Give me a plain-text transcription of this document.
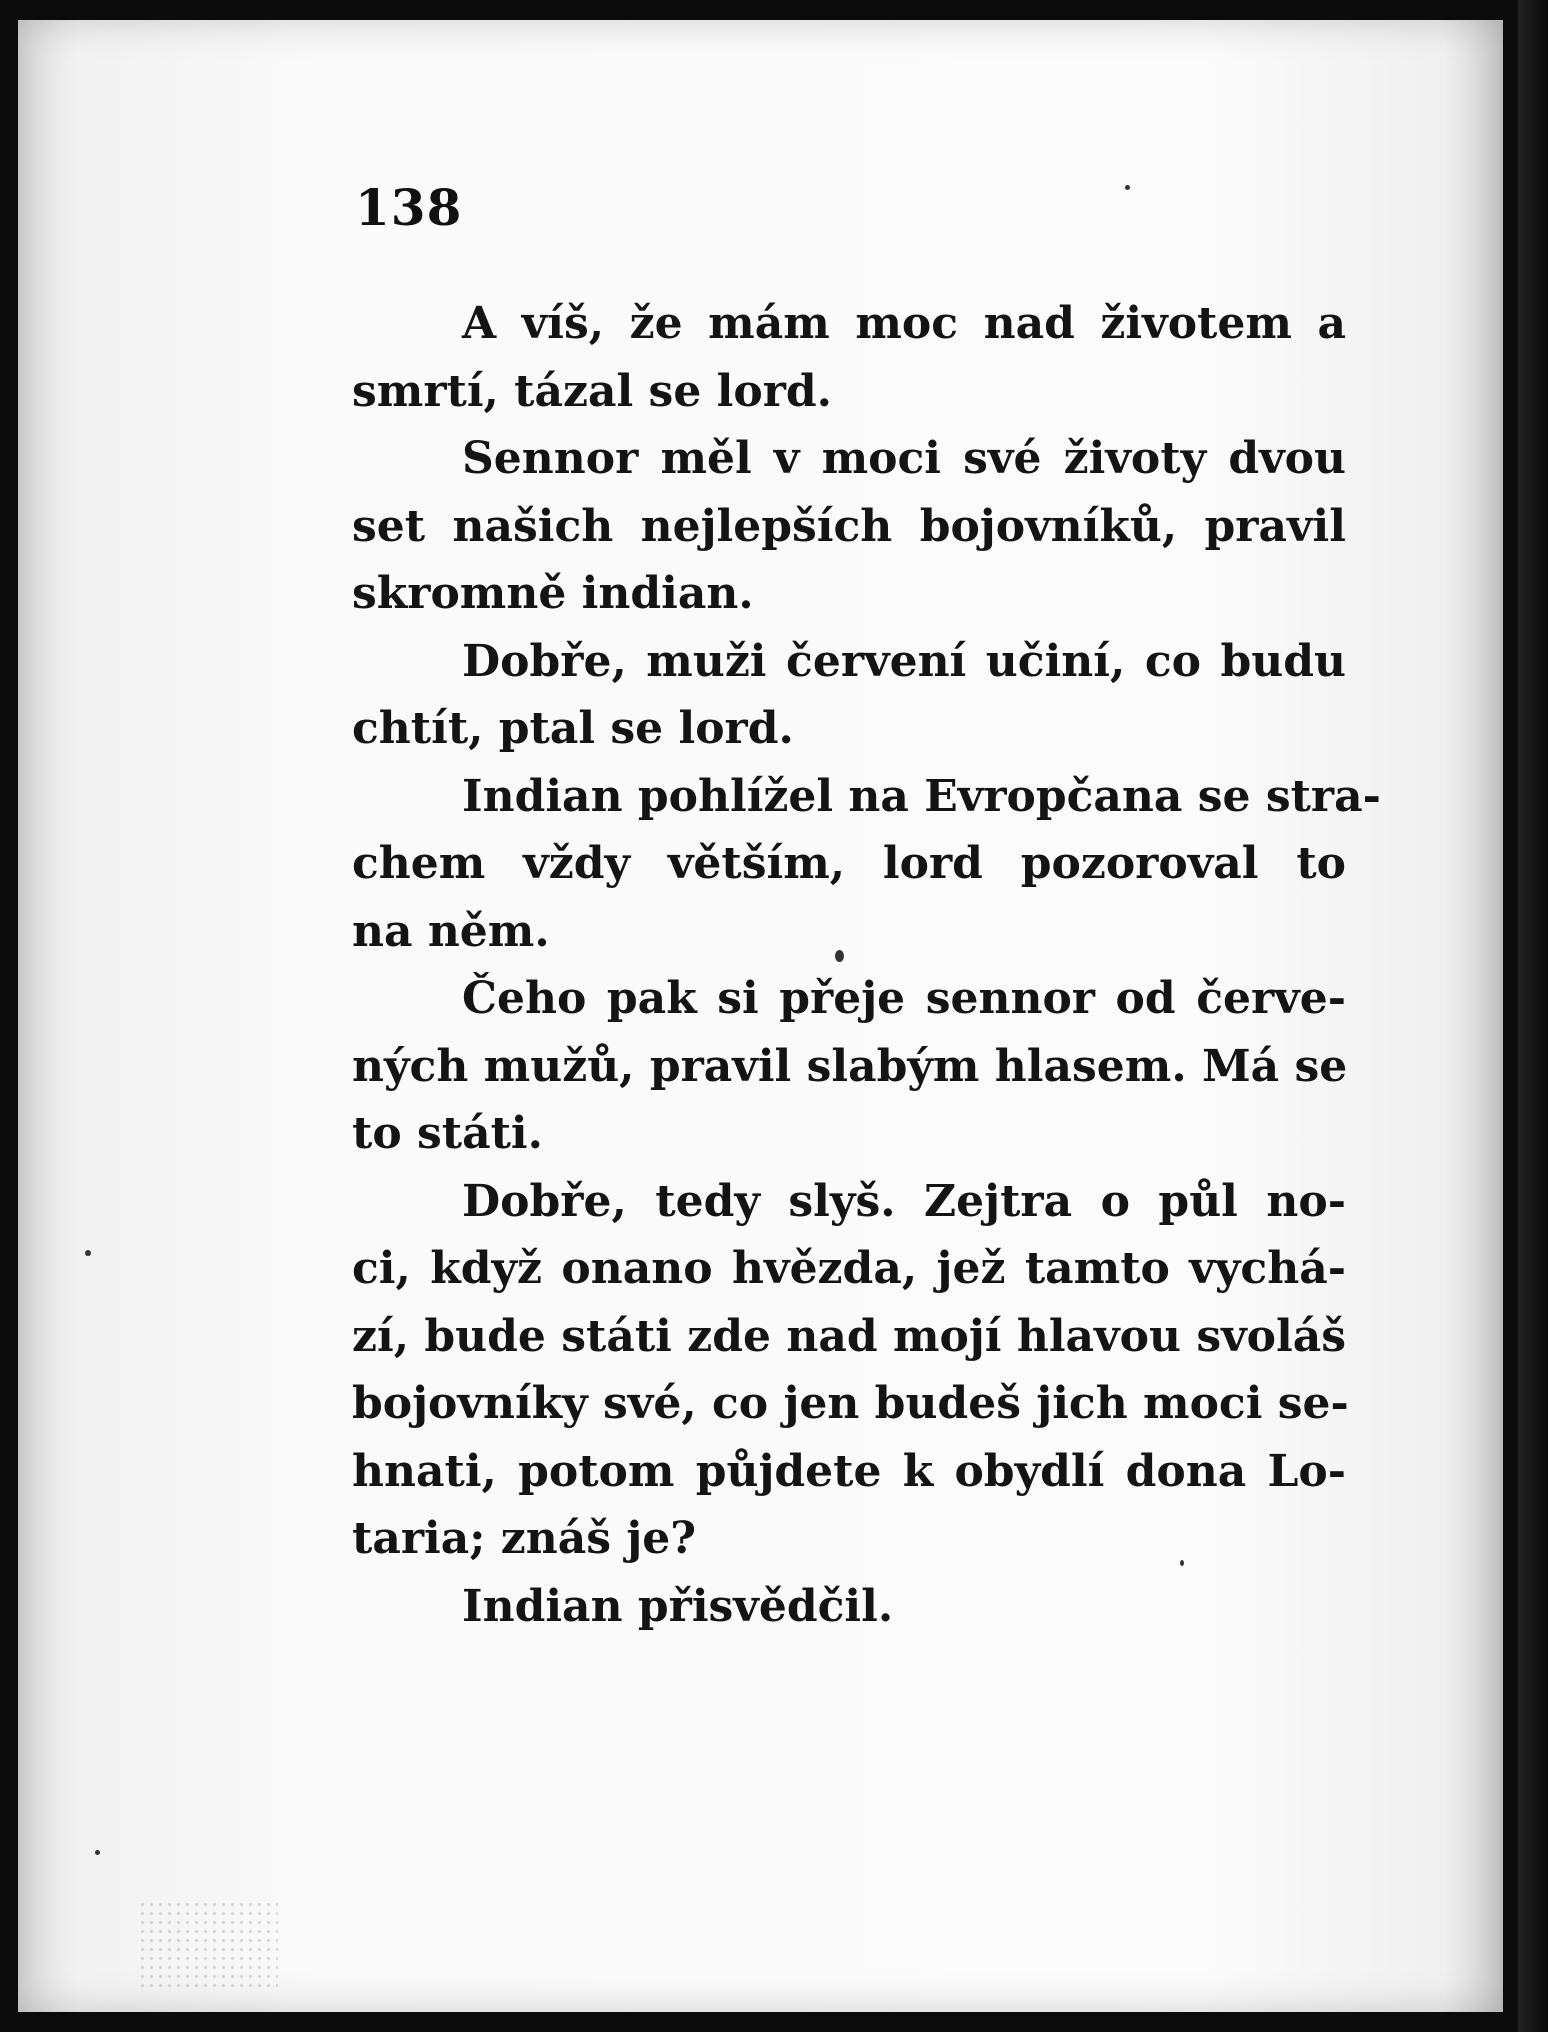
138
A víš, že mám moc nad životem a
smrtí, tázal se lord.
Sennor měl v moci své životy dvou
set našich nejlepších bojovníků, pravil
skromně indian.
Dobře, muži červení učiní, co budu
chtít, ptal se lord.
Indian pohlížel na Evropčana se stra-
chem vždy větším, lord pozoroval to
na něm.
Čeho pak si přeje sennor od červe-
ných mužů, pravil slabým hlasem. Má se
to státi.
Dobře, tedy slyš. Zejtra o půl no-
ci, když onano hvězda, jež tamto vychá-
zí, bude státi zde nad mojí hlavou svoláš
bojovníky své, co jen budeš jich moci se-
hnati, potom půjdete k obydlí dona Lo-
taria; znáš je?
Indian přisvědčil.
